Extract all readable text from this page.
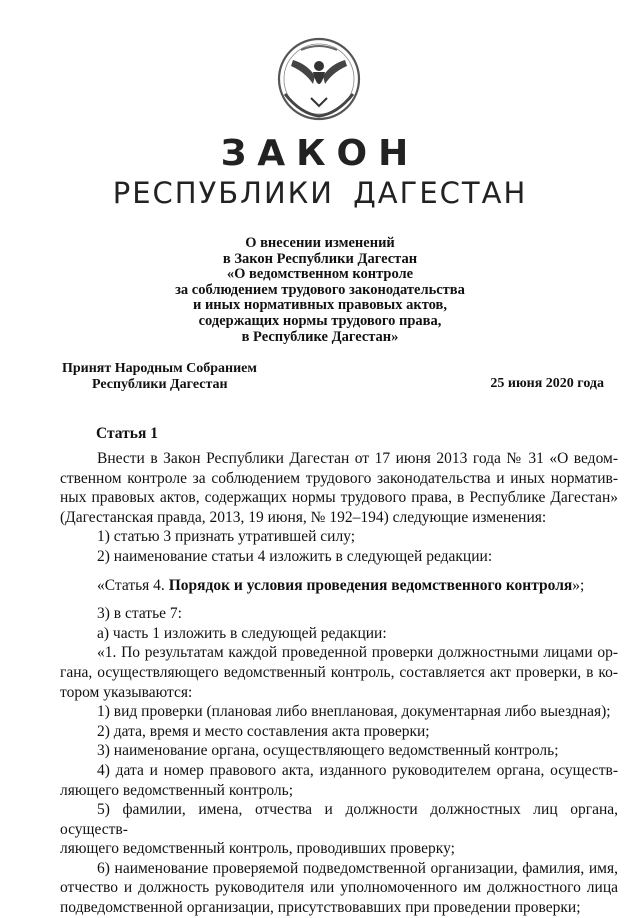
ЗАКОН
РЕСПУБЛИКИ ДАГЕСТАН
О внесении изменений
в Закон Республики Дагестан
«О ведомственном контроле
за соблюдением трудового законодательства
и иных нормативных правовых актов,
содержащих нормы трудового права,
в Республике Дагестан»
Принят Народным Собранием
Республики Дагестан	25 июня 2020 года
Статья 1

Внести в Закон Республики Дагестан от 17 июня 2013 года № 31 «О ведом-

ственном контроле за соблюдением трудового законодательства и иных норматив-
ных правовых актов, содержащих нормы трудового права, в Республике Дагестан»
(Дагестанская правда, 2013, 19 июня, № 192–194) следующие изменения:

1) статью 3 признать утратившей силу;

2) наименование статьи 4 изложить в следующей редакции:

«Статья 4. Порядок и условия проведения ведомственного контроля»;

3) в статье 7:

а) часть 1 изложить в следующей редакции:

«1. По результатам каждой проведенной проверки должностными лицами ор-

гана, осуществляющего ведомственный контроль, составляется акт проверки, в ко-
тором указываются:

1) вид проверки (плановая либо внеплановая, документарная либо выездная);

2) дата, время и место составления акта проверки;

3) наименование органа, осуществляющего ведомственный контроль;

4) дата и номер правового акта, изданного руководителем органа, осуществ-

ляющего ведомственный контроль;

5) фамилии, имена, отчества и должности должностных лиц органа, осуществ-

ляющего ведомственный контроль, проводивших проверку;

6) наименование проверяемой подведомственной организации, фамилия, имя,

отчество и должность руководителя или уполномоченного им должностного лица
подведомственной организации, присутствовавших при проведении проверки;
